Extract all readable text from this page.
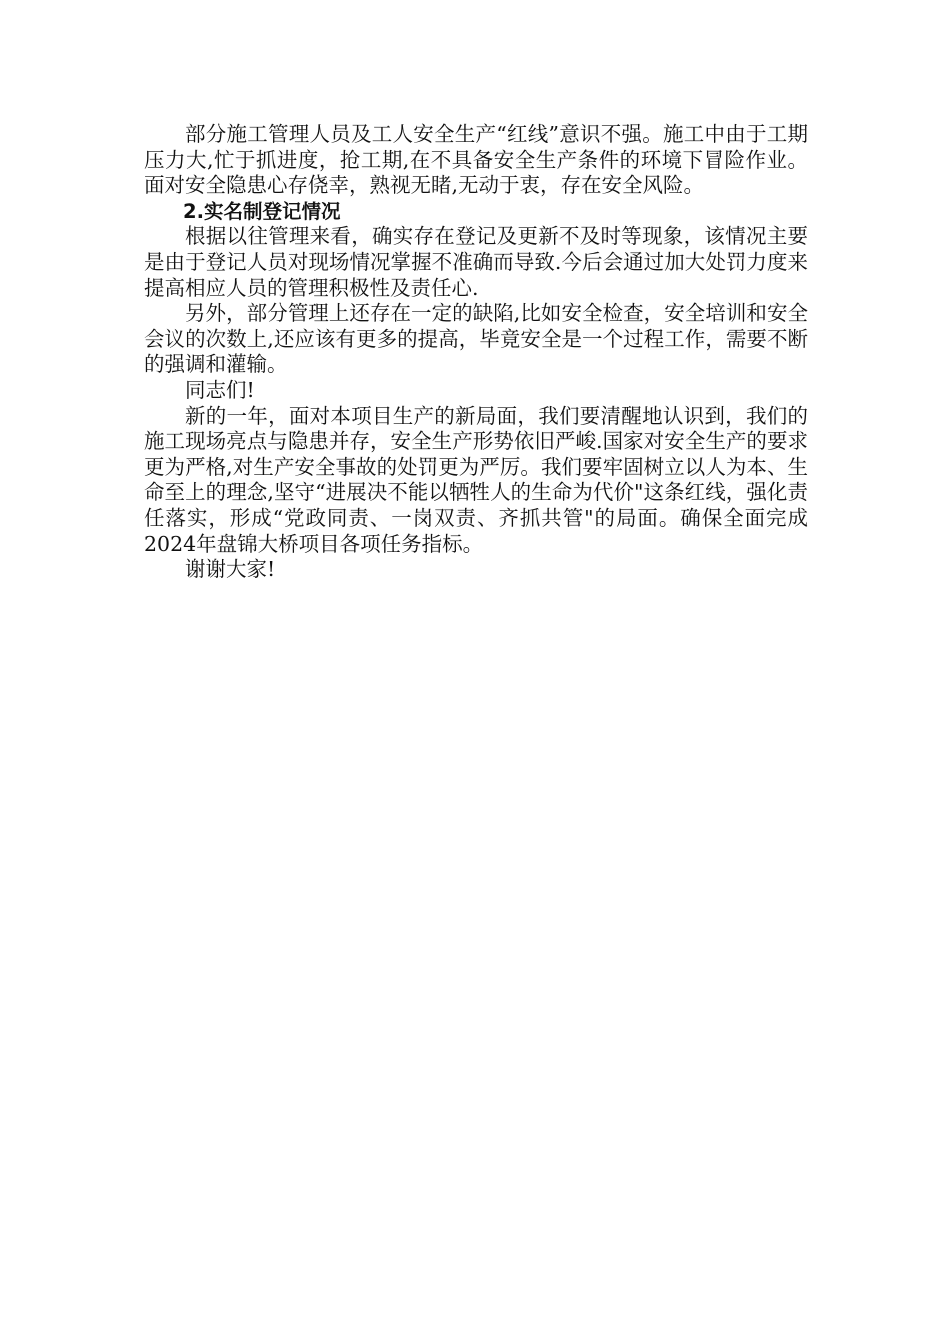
部分施工管理人员及工人安全生产“红线”意识不强。施工中由于工期压力大,忙于抓进度，抢工期,在不具备安全生产条件的环境下冒险作业。面对安全隐患心存侥幸，熟视无睹,无动于衷，存在安全风险。

2.实名制登记情况

根据以往管理来看，确实存在登记及更新不及时等现象，该情况主要是由于登记人员对现场情况掌握不准确而导致.今后会通过加大处罚力度来提高相应人员的管理积极性及责任心.

另外，部分管理上还存在一定的缺陷,比如安全检查，安全培训和安全会议的次数上,还应该有更多的提高，毕竟安全是一个过程工作，需要不断的强调和灌输。

同志们!

新的一年，面对本项目生产的新局面，我们要清醒地认识到，我们的施工现场亮点与隐患并存，安全生产形势依旧严峻.国家对安全生产的要求更为严格,对生产安全事故的处罚更为严厉。我们要牢固树立以人为本、生命至上的理念,坚守“进展决不能以牺牲人的生命为代价"这条红线，强化责任落实，形成“党政同责、一岗双责、齐抓共管"的局面。确保全面完成2024年盘锦大桥项目各项任务指标。

谢谢大家!
